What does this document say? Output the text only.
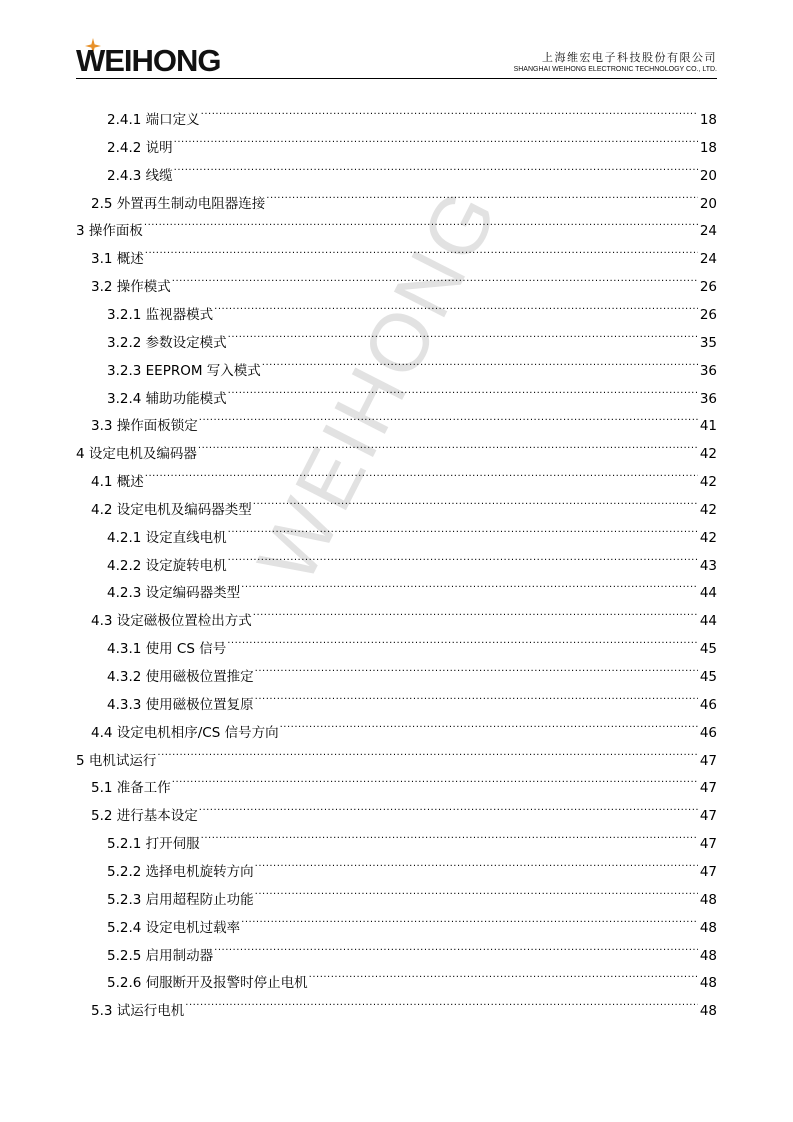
WEIHONG	上海维宏电子科技股份有限公司
SHANGHAI WEIHONG ELECTRONIC TECHNOLOGY CO., LTD.
WEIHONG
2.4.1 端口定义 .....	18
2.4.2 说明 .....	18
2.4.3 线缆 .....	20
2.5 外置再生制动电阻器连接 .....	20
3 操作面板 .....	24
3.1 概述 .....	24
3.2 操作模式 .....	26
3.2.1 监视器模式 .....	26
3.2.2 参数设定模式 .....	35
3.2.3 EEPROM 写入模式 .....	36
3.2.4 辅助功能模式 .....	36
3.3 操作面板锁定 .....	41
4 设定电机及编码器 .....	42
4.1 概述 .....	42
4.2 设定电机及编码器类型 .....	42
4.2.1 设定直线电机 .....	42
4.2.2 设定旋转电机 .....	43
4.2.3 设定编码器类型 .....	44
4.3 设定磁极位置检出方式 .....	44
4.3.1 使用 CS 信号 .....	45
4.3.2 使用磁极位置推定 .....	45
4.3.3 使用磁极位置复原 .....	46
4.4 设定电机相序/CS 信号方向 .....	46
5 电机试运行 .....	47
5.1 准备工作 .....	47
5.2 进行基本设定 .....	47
5.2.1 打开伺服 .....	47
5.2.2 选择电机旋转方向 .....	47
5.2.3 启用超程防止功能 .....	48
5.2.4 设定电机过载率 .....	48
5.2.5 启用制动器 .....	48
5.2.6 伺服断开及报警时停止电机 .....	48
5.3 试运行电机 .....	48
